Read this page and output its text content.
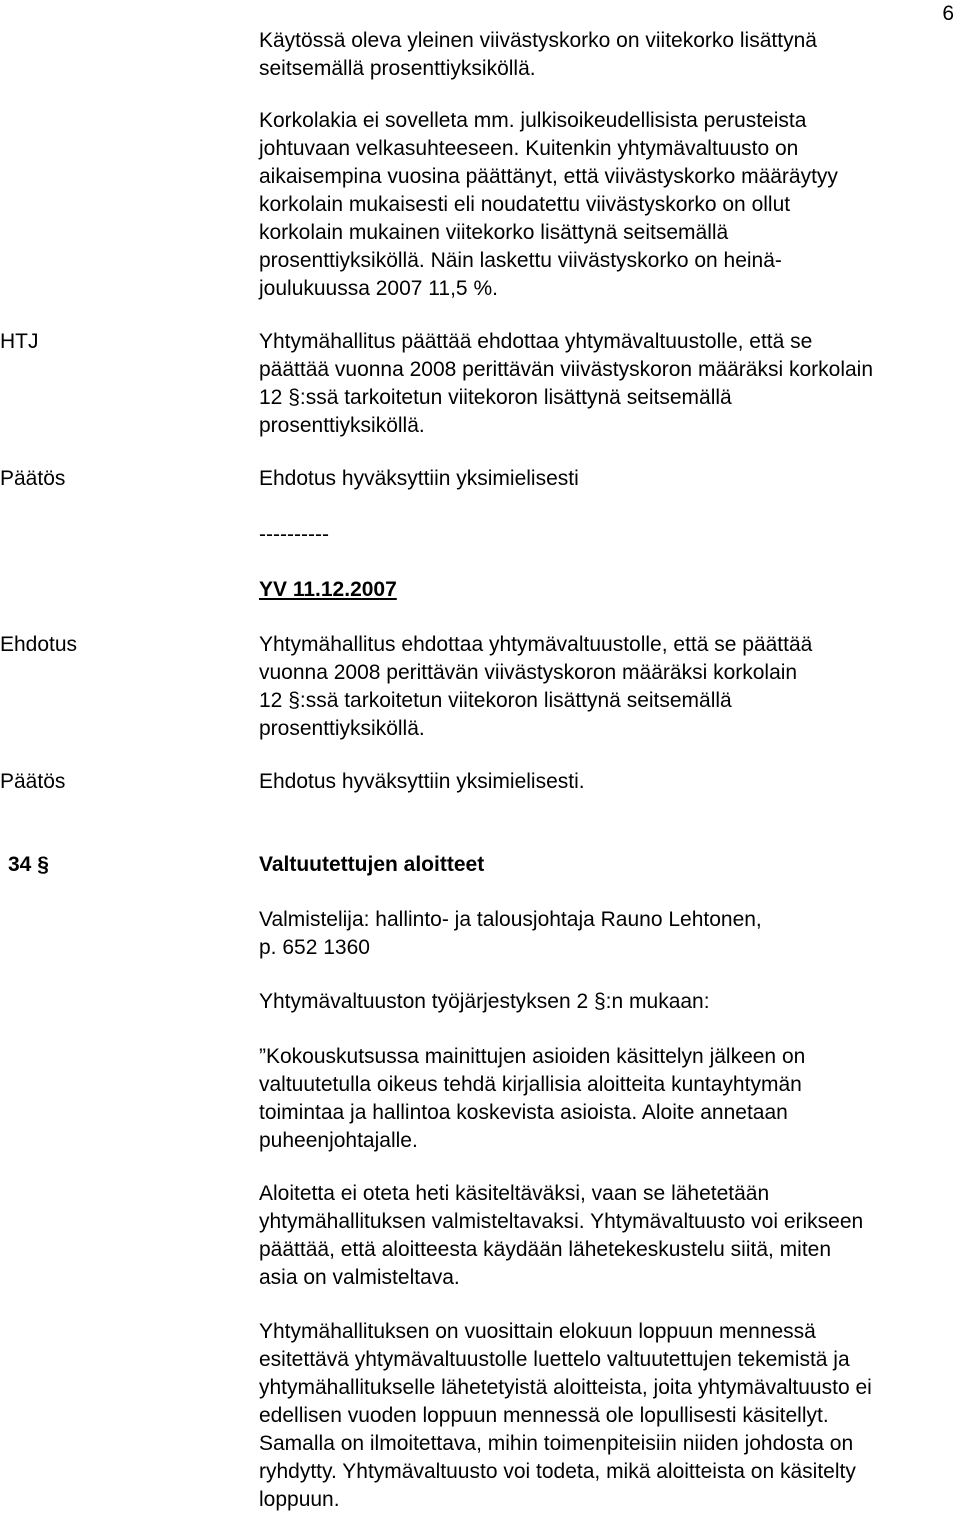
6
Käytössä oleva yleinen viivästyskorko on viitekorko lisättynä
seitsemällä prosenttiyksiköllä.
Korkolakia ei sovelleta mm. julkisoikeudellisista perusteista
johtuvaan velkasuhteeseen. Kuitenkin yhtymävaltuusto on
aikaisempina vuosina päättänyt, että viivästyskorko määräytyy
korkolain mukaisesti eli noudatettu viivästyskorko on ollut
korkolain mukainen viitekorko lisättynä seitsemällä
prosenttiyksiköllä. Näin laskettu viivästyskorko on heinä-
joulukuussa 2007 11,5 %.
HTJ	Yhtymähallitus päättää ehdottaa yhtymävaltuustolle, että se
päättää vuonna 2008 perittävän viivästyskoron määräksi korkolain
12 §:ssä tarkoitetun viitekoron lisättynä seitsemällä
prosenttiyksiköllä.
Päätös	Ehdotus hyväksyttiin yksimielisesti
----------
YV 11.12.2007
Ehdotus	Yhtymähallitus ehdottaa yhtymävaltuustolle, että se päättää
vuonna 2008 perittävän viivästyskoron määräksi korkolain
12 §:ssä tarkoitetun viitekoron lisättynä seitsemällä
prosenttiyksiköllä.
Päätös	Ehdotus hyväksyttiin yksimielisesti.
34 §	Valtuutettujen aloitteet
Valmistelija: hallinto- ja talousjohtaja Rauno Lehtonen,
p. 652 1360
Yhtymävaltuuston työjärjestyksen 2 §:n mukaan:
”Kokouskutsussa mainittujen asioiden käsittelyn jälkeen on
valtuutetulla oikeus tehdä kirjallisia aloitteita kuntayhtymän
toimintaa ja hallintoa koskevista asioista. Aloite annetaan
puheenjohtajalle.
Aloitetta ei oteta heti käsiteltäväksi, vaan se lähetetään
yhtymähallituksen valmisteltavaksi. Yhtymävaltuusto voi erikseen
päättää, että aloitteesta käydään lähetekeskustelu siitä, miten
asia on valmisteltava.
Yhtymähallituksen on vuosittain elokuun loppuun mennessä
esitettävä yhtymävaltuustolle luettelo valtuutettujen tekemistä ja
yhtymähallitukselle lähetetyistä aloitteista, joita yhtymävaltuusto ei
edellisen vuoden loppuun mennessä ole lopullisesti käsitellyt.
Samalla on ilmoitettava, mihin toimenpiteisiin niiden johdosta on
ryhdytty. Yhtymävaltuusto voi todeta, mikä aloitteista on käsitelty
loppuun.
